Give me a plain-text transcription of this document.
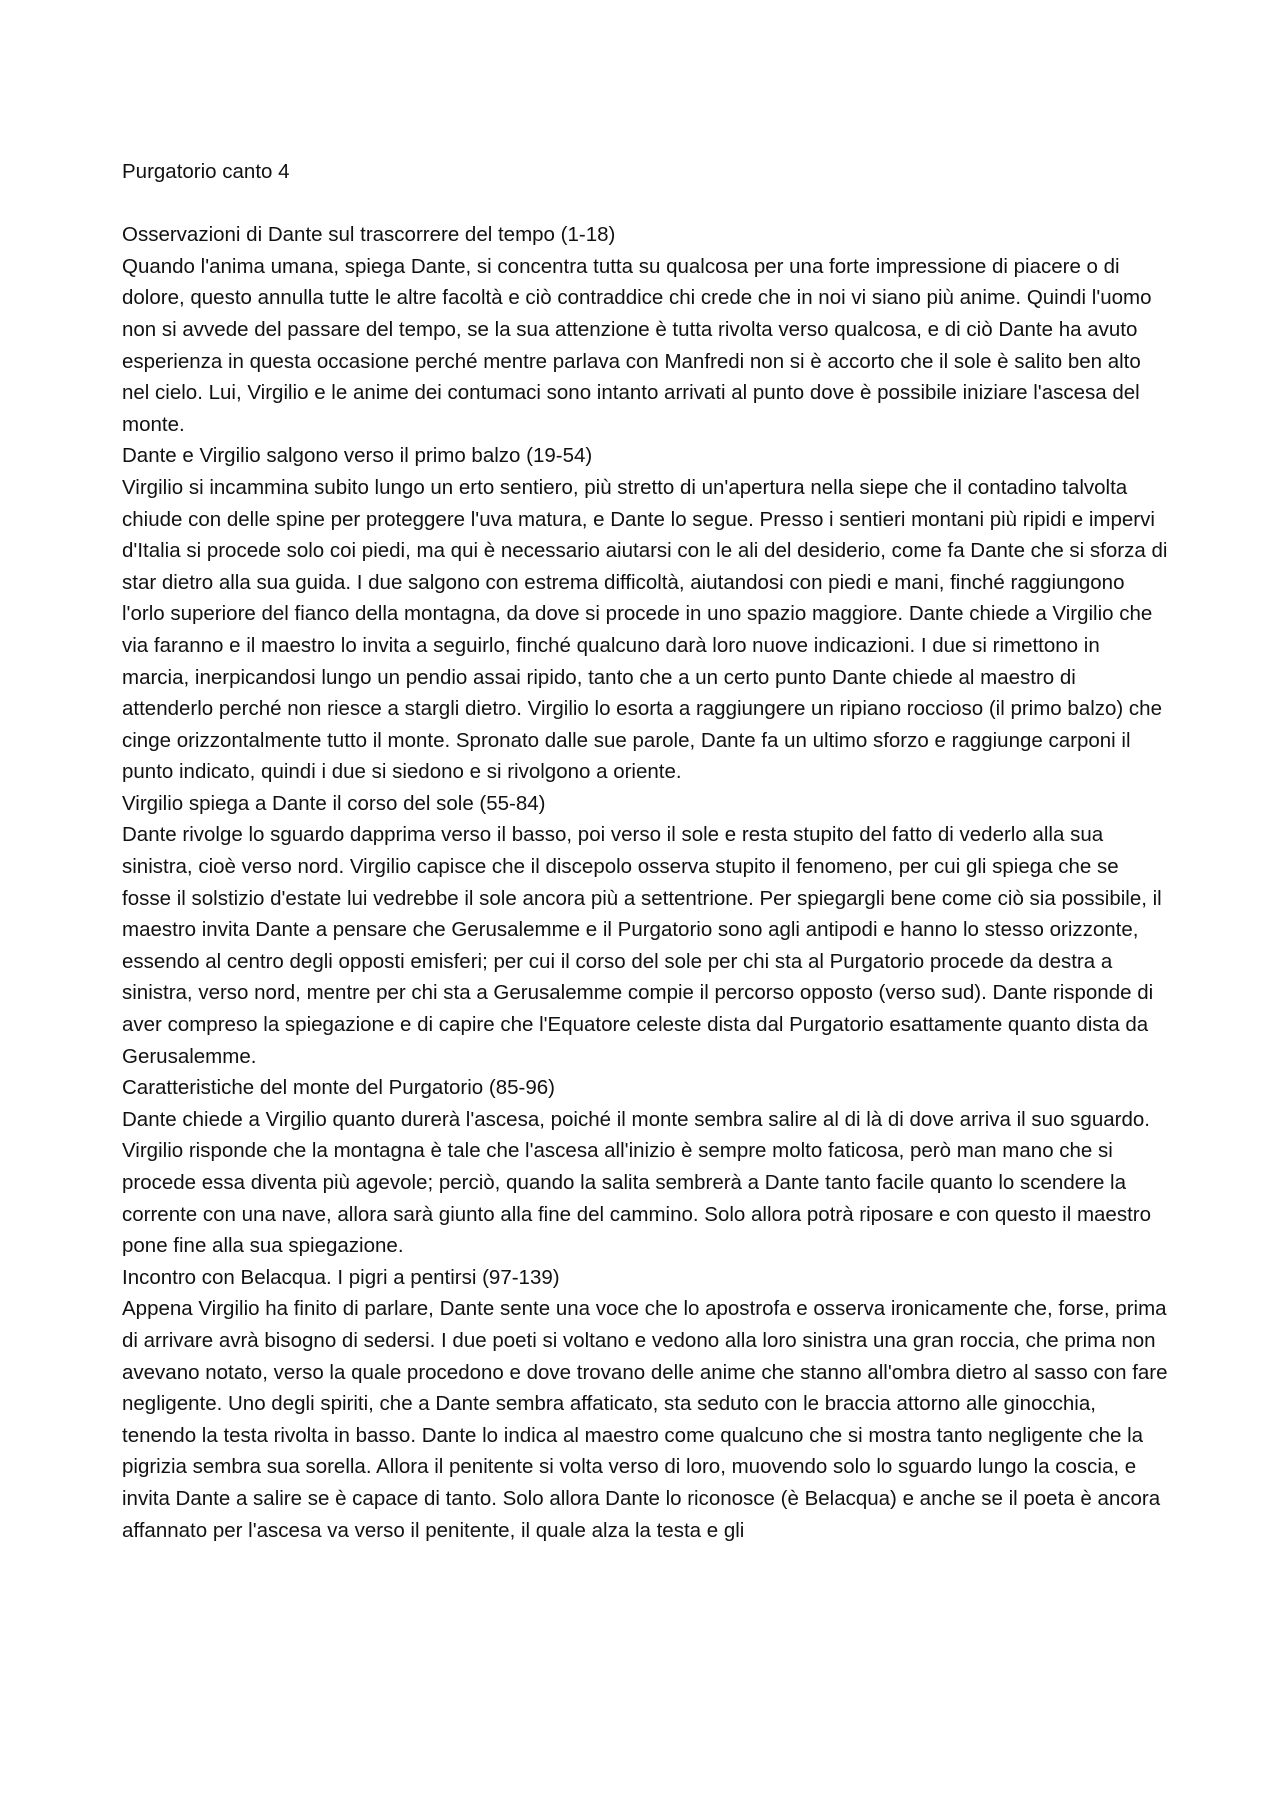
Purgatorio canto 4
Osservazioni di Dante sul trascorrere del tempo (1-18)

Quando l'anima umana, spiega Dante, si concentra tutta su qualcosa per una forte impressione di piacere o di dolore, questo annulla tutte le altre facoltà e ciò contraddice chi crede che in noi vi siano più anime. Quindi l'uomo non si avvede del passare del tempo, se la sua attenzione è tutta rivolta verso qualcosa, e di ciò Dante ha avuto esperienza in questa occasione perché mentre parlava con Manfredi non si è accorto che il sole è salito ben alto nel cielo. Lui, Virgilio e le anime dei contumaci sono intanto arrivati al punto dove è possibile iniziare l'ascesa del monte.

Dante e Virgilio salgono verso il primo balzo (19-54)

Virgilio si incammina subito lungo un erto sentiero, più stretto di un'apertura nella siepe che il contadino talvolta chiude con delle spine per proteggere l'uva matura, e Dante lo segue. Presso i sentieri montani più ripidi e impervi d'Italia si procede solo coi piedi, ma qui è necessario aiutarsi con le ali del desiderio, come fa Dante che si sforza di star dietro alla sua guida. I due salgono con estrema difficoltà, aiutandosi con piedi e mani, finché raggiungono l'orlo superiore del fianco della montagna, da dove si procede in uno spazio maggiore. Dante chiede a Virgilio che via faranno e il maestro lo invita a seguirlo, finché qualcuno darà loro nuove indicazioni. I due si rimettono in marcia, inerpicandosi lungo un pendio assai ripido, tanto che a un certo punto Dante chiede al maestro di attenderlo perché non riesce a stargli dietro. Virgilio lo esorta a raggiungere un ripiano roccioso (il primo balzo) che cinge orizzontalmente tutto il monte. Spronato dalle sue parole, Dante fa un ultimo sforzo e raggiunge carponi il punto indicato, quindi i due si siedono e si rivolgono a oriente.

Virgilio spiega a Dante il corso del sole (55-84)

Dante rivolge lo sguardo dapprima verso il basso, poi verso il sole e resta stupito del fatto di vederlo alla sua sinistra, cioè verso nord. Virgilio capisce che il discepolo osserva stupito il fenomeno, per cui gli spiega che se fosse il solstizio d'estate lui vedrebbe il sole ancora più a settentrione. Per spiegargli bene come ciò sia possibile, il maestro invita Dante a pensare che Gerusalemme e il Purgatorio sono agli antipodi e hanno lo stesso orizzonte, essendo al centro degli opposti emisferi; per cui il corso del sole per chi sta al Purgatorio procede da destra a sinistra, verso nord, mentre per chi sta a Gerusalemme compie il percorso opposto (verso sud). Dante risponde di aver compreso la spiegazione e di capire che l'Equatore celeste dista dal Purgatorio esattamente quanto dista da Gerusalemme.

Caratteristiche del monte del Purgatorio (85-96)

Dante chiede a Virgilio quanto durerà l'ascesa, poiché il monte sembra salire al di là di dove arriva il suo sguardo. Virgilio risponde che la montagna è tale che l'ascesa all'inizio è sempre molto faticosa, però man mano che si procede essa diventa più agevole; perciò, quando la salita sembrerà a Dante tanto facile quanto lo scendere la corrente con una nave, allora sarà giunto alla fine del cammino. Solo allora potrà riposare e con questo il maestro pone fine alla sua spiegazione.

Incontro con Belacqua. I pigri a pentirsi (97-139)

Appena Virgilio ha finito di parlare, Dante sente una voce che lo apostrofa e osserva ironicamente che, forse, prima di arrivare avrà bisogno di sedersi. I due poeti si voltano e vedono alla loro sinistra una gran roccia, che prima non avevano notato, verso la quale procedono e dove trovano delle anime che stanno all'ombra dietro al sasso con fare negligente. Uno degli spiriti, che a Dante sembra affaticato, sta seduto con le braccia attorno alle ginocchia, tenendo la testa rivolta in basso. Dante lo indica al maestro come qualcuno che si mostra tanto negligente che la pigrizia sembra sua sorella. Allora il penitente si volta verso di loro, muovendo solo lo sguardo lungo la coscia, e invita Dante a salire se è capace di tanto. Solo allora Dante lo riconosce (è Belacqua) e anche se il poeta è ancora affannato per l'ascesa va verso il penitente, il quale alza la testa e gli
